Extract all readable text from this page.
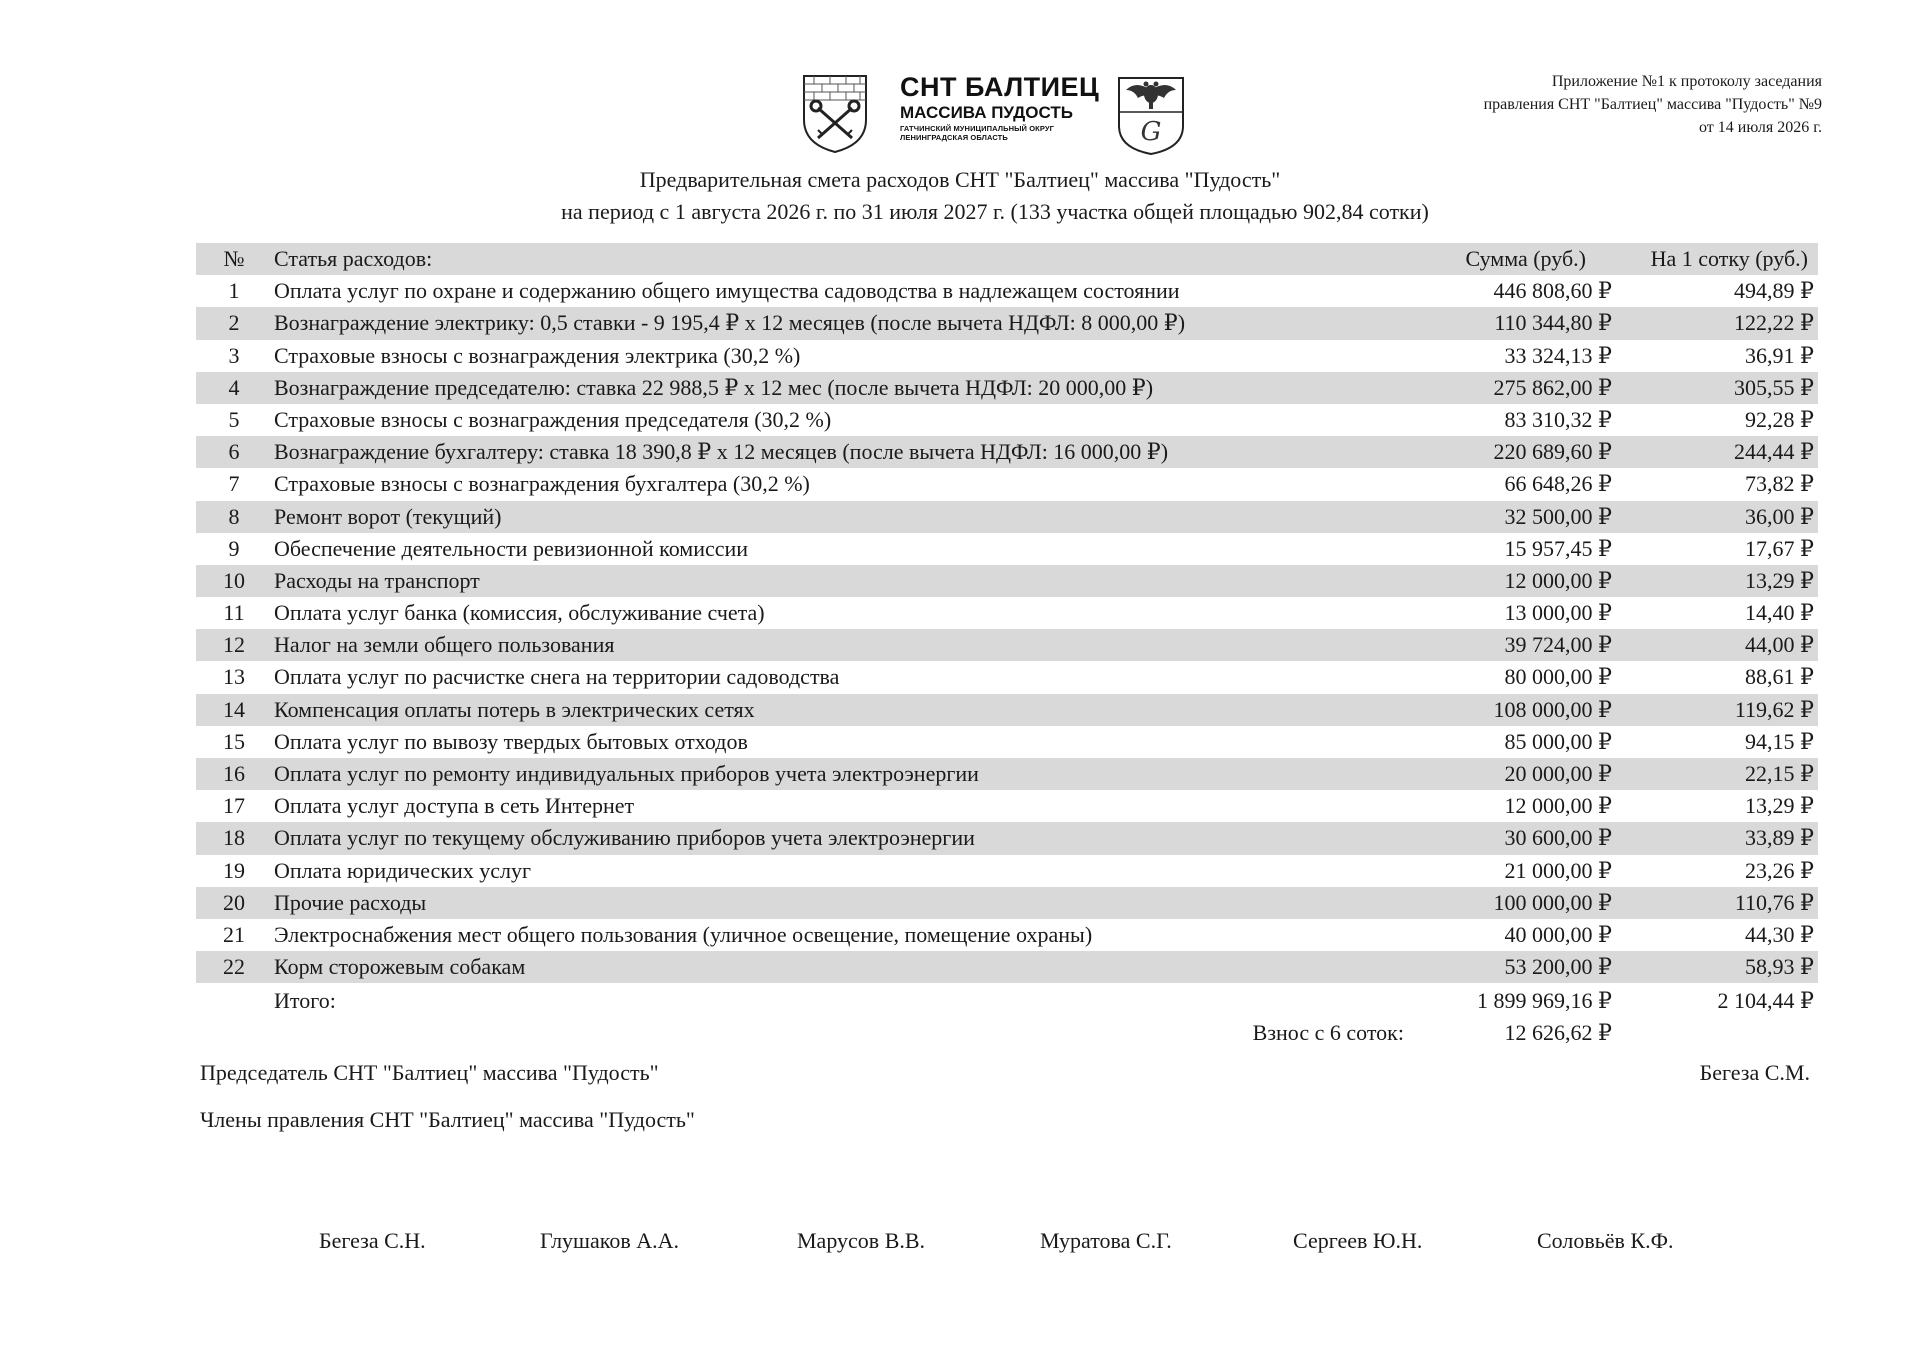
СНТ БАЛТИЕЦ
МАССИВА ПУДОСТЬ
ГАТЧИНСКИЙ МУНИЦИПАЛЬНЫЙ ОКРУГ
ЛЕНИНГРАДСКАЯ ОБЛАСТЬ	G
Приложение №1 к протоколу заседания
правления СНТ "Балтиец" массива "Пудость" №9
от 14 июля 2026 г.
Предварительная смета расходов СНТ "Балтиец" массива "Пудость"
на период с 1 августа 2026 г. по 31 июля 2027 г. (133 участка общей площадью 902,84 сотки)
№	Статья расходов:	Сумма (руб.)	На 1 сотку (руб.)
1	Оплата услуг по охране и содержанию общего имущества садоводства в надлежащем состоянии	446 808,60 ₽	494,89 ₽
2	Вознаграждение электрику: 0,5 ставки - 9 195,4 ₽ х 12 месяцев (после вычета НДФЛ: 8 000,00 ₽)	110 344,80 ₽	122,22 ₽
3	Страховые взносы с вознаграждения электрика (30,2 %)	33 324,13 ₽	36,91 ₽
4	Вознаграждение председателю: ставка 22 988,5 ₽ х 12 мес (после вычета НДФЛ: 20 000,00 ₽)	275 862,00 ₽	305,55 ₽
5	Страховые взносы с вознаграждения председателя (30,2 %)	83 310,32 ₽	92,28 ₽
6	Вознаграждение бухгалтеру: ставка 18 390,8 ₽ х 12 месяцев (после вычета НДФЛ: 16 000,00 ₽)	220 689,60 ₽	244,44 ₽
7	Страховые взносы с вознаграждения бухгалтера (30,2 %)	66 648,26 ₽	73,82 ₽
8	Ремонт ворот (текущий)	32 500,00 ₽	36,00 ₽
9	Обеспечение деятельности ревизионной комиссии	15 957,45 ₽	17,67 ₽
10	Расходы на транспорт	12 000,00 ₽	13,29 ₽
11	Оплата услуг банка (комиссия, обслуживание счета)	13 000,00 ₽	14,40 ₽
12	Налог на земли общего пользования	39 724,00 ₽	44,00 ₽
13	Оплата услуг по расчистке снега на территории садоводства	80 000,00 ₽	88,61 ₽
14	Компенсация оплаты потерь в электрических сетях	108 000,00 ₽	119,62 ₽
15	Оплата услуг по вывозу твердых бытовых отходов	85 000,00 ₽	94,15 ₽
16	Оплата услуг по ремонту индивидуальных приборов учета электроэнергии	20 000,00 ₽	22,15 ₽
17	Оплата услуг доступа в сеть Интернет	12 000,00 ₽	13,29 ₽
18	Оплата услуг по текущему обслуживанию приборов учета электроэнергии	30 600,00 ₽	33,89 ₽
19	Оплата юридических услуг	21 000,00 ₽	23,26 ₽
20	Прочие расходы	100 000,00 ₽	110,76 ₽
21	Электроснабжения мест общего пользования (уличное освещение, помещение охраны)	40 000,00 ₽	44,30 ₽
22	Корм сторожевым собакам	53 200,00 ₽	58,93 ₽
Итого:	1 899 969,16 ₽	2 104,44 ₽
Взнос с 6 соток:	12 626,62 ₽
Председатель СНТ "Балтиец" массива "Пудость"	Бегеза С.М.
Члены правления СНТ "Балтиец" массива "Пудость"
Бегеза С.Н.	Глушаков А.А.	Марусов В.В.	Муратова С.Г.	Сергеев Ю.Н.	Соловьёв К.Ф.
